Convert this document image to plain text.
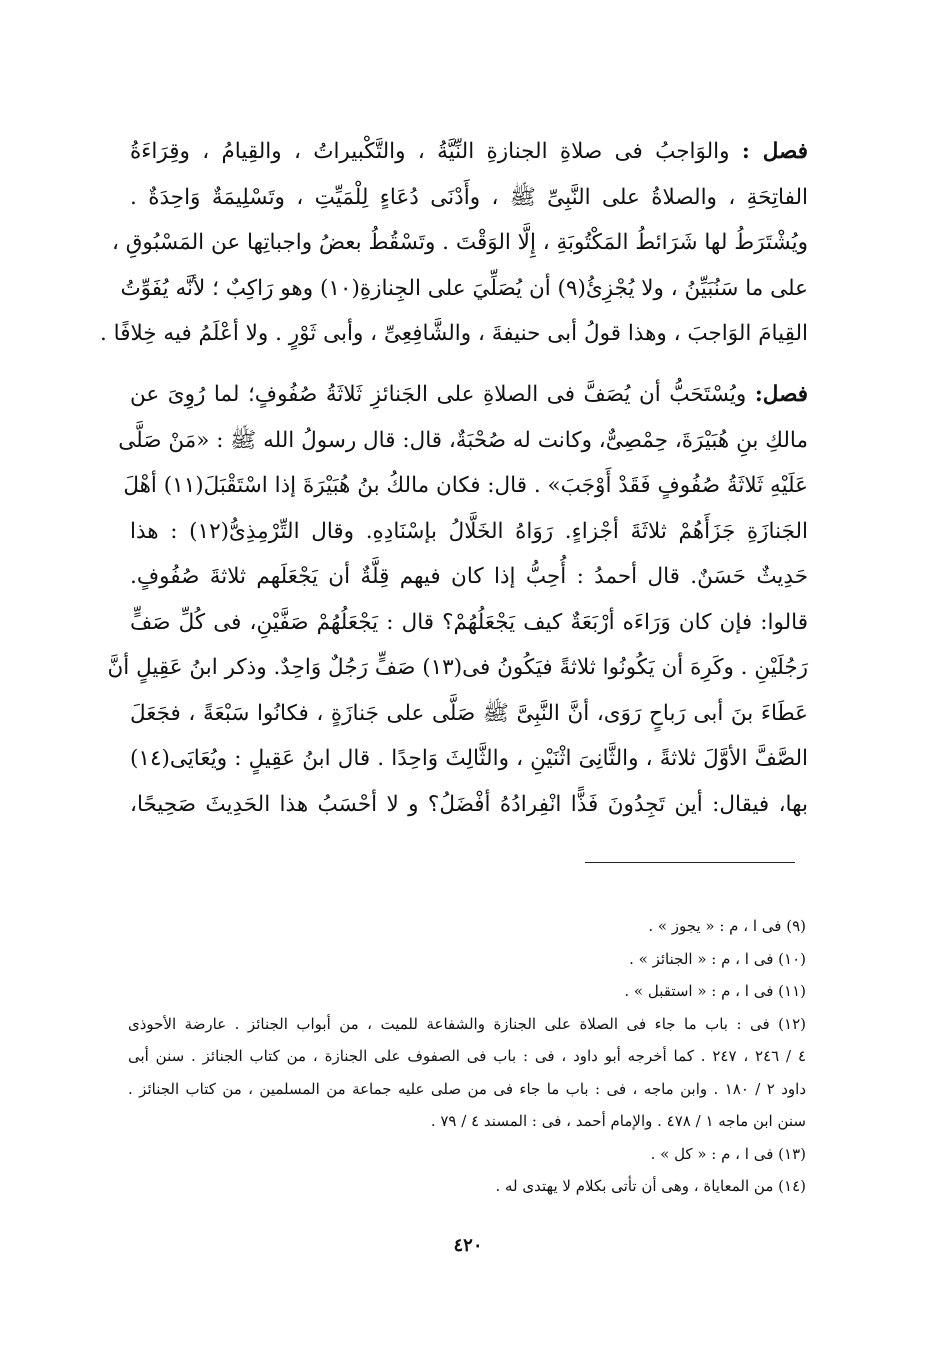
فصل : والوَاجبُ فى صلاةِ الجنازةِ النِّيَّةُ ، والتَّكْبيراتُ ، والقِيامُ ، وقِرَاءَةُ
الفاتِحَةِ ، والصلاةُ على النَّبِىِّ ﷺ ، وأَدْنَى دُعَاءٍ لِلْمَيِّتِ ، وتَسْلِيمَةٌ وَاحِدَةٌ .
ويُشْتَرَطُ لها شَرَائطُ المَكْتُوبَةِ ، إِلَّا الوَقْتَ . وتَسْقُطُ بعضُ واجباتِها عن المَسْبُوقِ ،
على ما سَنُبَيِّنُ ، ولا يُجْزِئُ(٩) أن يُصَلِّيَ على الجِنازةِ(١٠) وهو رَاكِبٌ ؛ لأنَّه يُفَوِّتُ
القِيامَ الوَاجبَ ، وهذا قولُ أبى حنيفةَ ، والشَّافِعِىِّ ، وأبى ثَوْرٍ . ولا أعْلَمُ فيه خِلافًا .
فصل: ويُسْتَحَبُّ أن يُصَفَّ فى الصلاةِ على الجَنائزِ ثَلاثَةُ صُفُوفٍ؛ لما رُوِىَ عن
مالكِ بنِ هُبَيْرَةَ، حِمْصِىٌّ، وكانت له صُحْبَةٌ، قال: قال رسولُ الله ﷺ : «مَنْ صَلَّى
عَلَيْهِ ثَلاثَةُ صُفُوفٍ فَقَدْ أَوْجَبَ» . قال: فكان مالكُ بنُ هُبَيْرَةَ إذا اسْتَقْبَلَ(١١) أهْلَ
الجَنازَةِ جَزَأَهُمْ ثلاثَةَ أجْزاءٍ. رَوَاهُ الخَلَّالُ بإسْنَادِهِ. وقال التِّرْمِذِىُّ(١٢) : هذا
حَدِيثٌ حَسَنٌ. قال أحمدُ : أُحِبُّ إذا كان فيهم قِلَّةٌ أن يَجْعَلَهم ثلاثةَ صُفُوفٍ.
قالوا: فإن كان وَرَاءَه أرْبَعَةٌ كيف يَجْعَلُهُمْ؟ قال : يَجْعَلُهُمْ صَفَّيْنِ، فى كُلِّ صَفٍّ
رَجُلَيْنِ . وكَرِهَ أن يَكُونُوا ثلاثةً فيَكُونُ فى(١٣) صَفٍّ رَجُلٌ وَاحِدٌ. وذكر ابنُ عَقِيلٍ أنَّ
عَطَاءَ بنَ أبى رَباحٍ رَوَى، أنَّ النَّبِىَّ ﷺ صَلَّى على جَنازَةٍ ، فكانُوا سَبْعَةً ، فجَعَلَ
الصَّفَّ الأوَّلَ ثلاثةً ، والثَّانِىَ اثْنَيْنِ ، والثَّالِثَ وَاحِدًا . قال ابنُ عَقِيلٍ : ويُعَايَى(١٤)
بها، فيقال: أين تَجِدُونَ فَذًّا انْفِرادُهُ أفْضَلُ؟ و لا أحْسَبُ هذا الحَدِيثَ صَحِيحًا،
(٩) فى ا ، م : « يجوز » .
(١٠) فى ا ، م : « الجنائز » .
(١١) فى ا ، م : « استقبل » .
(١٢) فى : باب ما جاء فى الصلاة على الجنازة والشفاعة للميت ، من أبواب الجنائز . عارضة الأحوذى
٤ / ٢٤٦ ، ٢٤٧ . كما أخرجه أبو داود ، فى : باب فى الصفوف على الجنازة ، من كتاب الجنائز . سنن أبى
داود ٢ / ١٨٠ . وابن ماجه ، فى : باب ما جاء فى من صلى عليه جماعة من المسلمين ، من كتاب الجنائز .
سنن ابن ماجه ١ / ٤٧٨ . والإمام أحمد ، فى : المسند ٤ / ٧٩ .
(١٣) فى ا ، م : « كل » .
(١٤) من المعاياة ، وهى أن تأتى بكلام لا يهتدى له .
٤٢٠
